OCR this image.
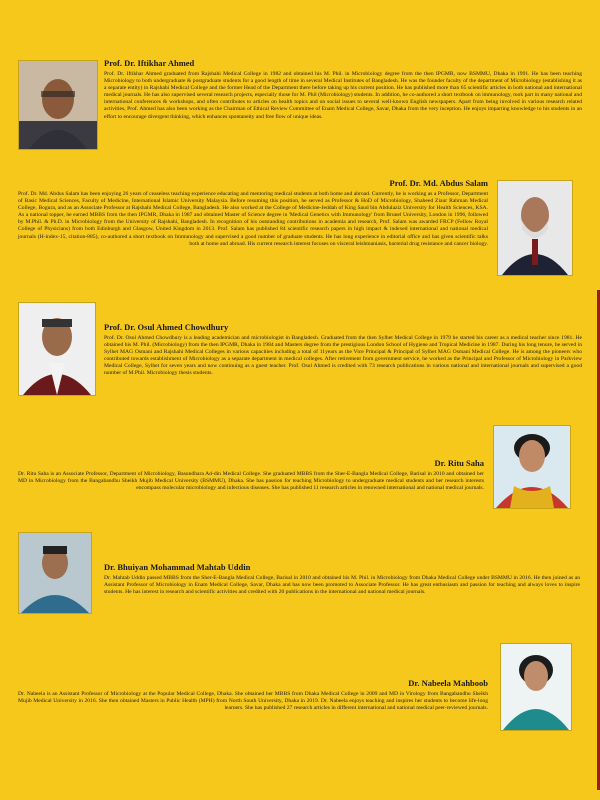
Prof. Dr. Iftikhar Ahmed

Prof. Dr. Iftikhar Ahmed graduated from Rajshahi Medical College in 1982 and obtained his M. Phil. in Microbiology degree from the then IPGMR, now BSMMU, Dhaka in 1991. He has been teaching Microbiology to both undergraduate & postgraduate students for a good length of time in several Medical Institutes of Bangladesh. He was the founder faculty of the department of Microbiology (establishing it as a separate entity) in Rajshahi Medical College and the former Head of the Department there before taking up his current position. He has published more than 65 scientific articles in both national and international medical journals. He has also supervised several research projects, especially those for M. Phil (Microbiology) students. In addition, he co-authored a short textbook on immunology, took part in many national and international conferences & workshops, and often contributes to articles on health topics and on social issues to several well-known English newspapers. Apart from being involved in various research related activities, Prof. Ahmed has also been working as the Chairman of Ethical Review Committee of Enam Medical College, Savar, Dhaka from the very inception. He enjoys imparting knowledge to his students in an effort to encourage divergent thinking, which enhances spontaneity and free flow of unique ideas.

Prof. Dr. Md. Abdus Salam

Prof. Dr. Md. Abdus Salam has been enjoying 26 years of ceaseless teaching experience educating and mentoring medical students at both home and abroad. Currently, he is working as a Professor, Department of Basic Medical Sciences, Faculty of Medicine, International Islamic University Malaysia. Before resuming this position, he served as Professor & HoD of Microbiology, Shaheed Ziaur Rahman Medical College, Bogura, and as an Associate Professor at Rajshahi Medical College, Bangladesh. He also worked at the College of Medicine-Jeddah of King Saud bin Abdulaziz University for Health Sciences, KSA. As a national topper, he earned MBBS from the then IPGMR, Dhaka in 1987 and obtained Master of Science degree in 'Medical Genetics with Immunology' from Brunel University, London in 1996, followed by M.Phil. & Ph.D. in Microbiology from the University of Rajshahi, Bangladesh. In recognition of his outstanding contributions in academia and research, Prof. Salam was awarded FRCP (Fellow Royal College of Physicians) from both Edinburgh and Glasgow, United Kingdom in 2013. Prof. Salam has published 84 scientific research papers in high impact & indexed international and national medical journals (H-index-15, citation-885), co-authored a short textbook on Immunology and supervised a good number of graduate students. He has long experience in editorial office and has given scientific talks both at home and abroad. His current research interest focuses on visceral leishmaniasis, bacterial drug resistance and cancer biology.

Prof. Dr. Osul Ahmed Chowdhury

Prof. Dr. Osul Ahmed Chowdhury is a leading academician and microbiologist in Bangladesh. Graduated from the then Sylhet Medical College in 1979 he started his career as a medical teacher since 1981. He obtained his M. Phil. (Microbiology) from the then IPGMR, Dhaka in 1984 and Masters degree from the prestigious London School of Hygiene and Tropical Medicine in 1987. During his long tenure, he served in Sylhet MAG Osmani and Rajshahi Medical Colleges in various capacities including a total of 11years as the Vice Principal & Principal of Sylhet MAG Osmani Medical College. He is among the pioneers who contributed towards establishment of Microbiology as a separate department in medical colleges. After retirement from government service, he worked as the Principal and Professor of Microbiology in Parkview Medical College, Sylhet for seven years and now continuing as a guest teacher. Prof. Osul Ahmed is credited with 73 research publications in various national and international journals and supervised a good number of M.Phil. Microbiology thesis students.

Dr. Ritu Saha

Dr. Ritu Saha is an Associate Professor, Department of Microbiology, Basundhara Ad-din Medical College. She graduated MBBS from the Sher-E-Bangla Medical College, Barisal in 2010 and obtained her MD in Microbiology from the Bangabandhu Sheikh Mujib Medical University (BSMMU), Dhaka. She has passion for teaching Microbiology to undergraduate medical students and her research interests encompass molecular microbiology and infectious diseases. She has published 11 research articles in renowned international and national medical journals.

Dr. Bhuiyan Mohammad Mahtab Uddin

Dr. Mahtab Uddin passed MBBS from the Sher-E-Bangla Medical College, Barisal in 2010 and obtained his M. Phil. in Microbiology from Dhaka Medical College under BSMMU in 2016. He then joined as an Assistant Professor of Microbiology in Enam Medical College, Savar, Dhaka and has now been promoted to Associate Professor. He has great enthusiasm and passion for teaching and always loves to inspire students. He has interest in research and scientific activities and credited with 20 publications in the international and national medical journals.

Dr. Nabeela Mahboob

Dr. Nabeela is an Assistant Professor of Microbiology at the Popular Medical College, Dhaka. She obtained her MBBS from Dhaka Medical College in 2009 and MD in Virology from Bangabandhu Sheikh Mujib Medical University in 2016. She then obtained Masters in Public Health (MPH) from North South University, Dhaka in 2019. Dr. Nabeela enjoys teaching and inspires her students to become life-long learners. She has published 27 research articles in different international and national medical peer-reviewed journals.
